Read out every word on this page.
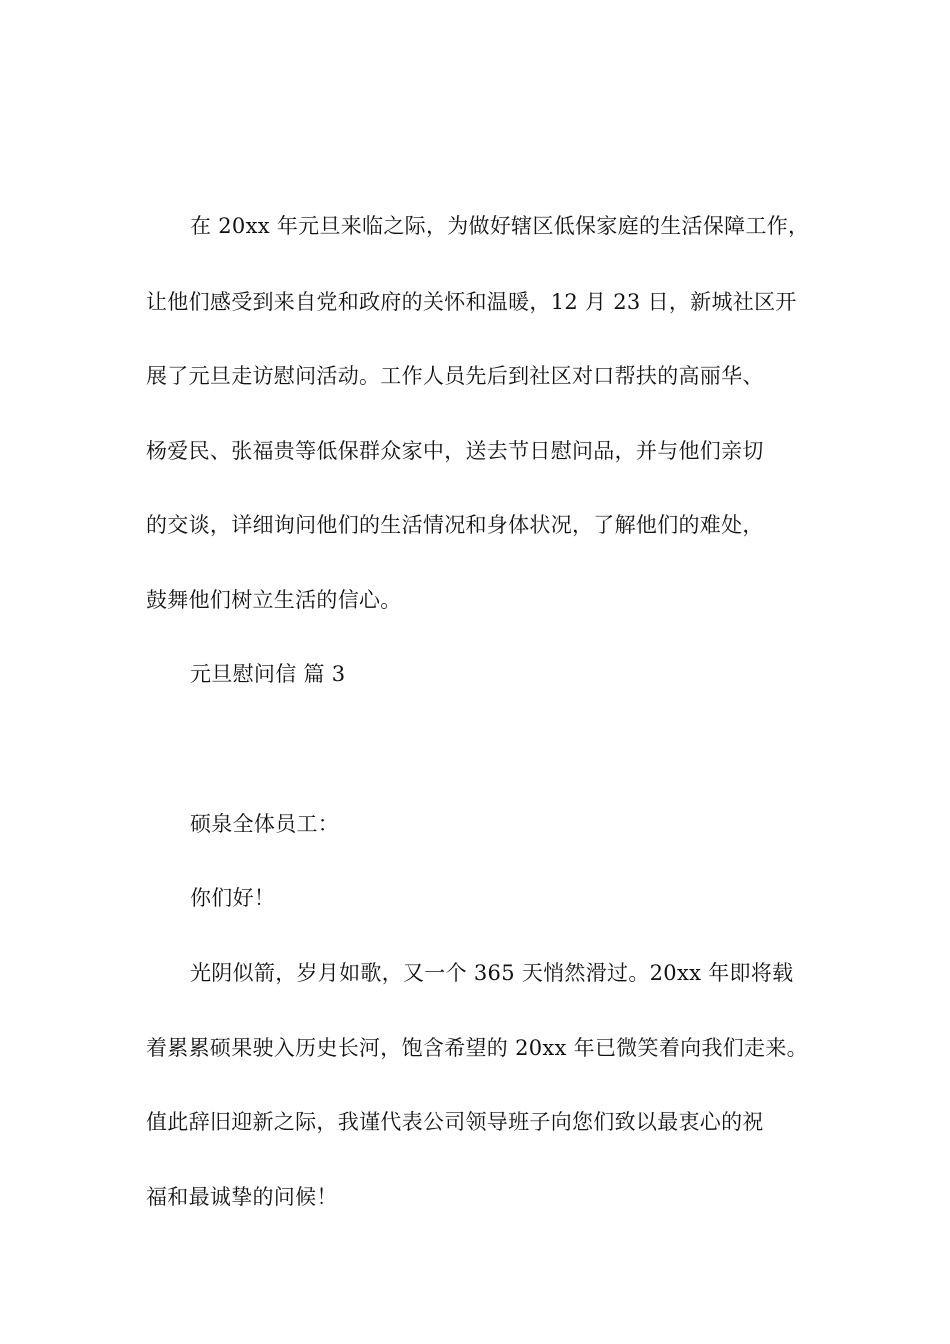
在 20xx 年元旦来临之际，为做好辖区低保家庭的生活保障工作，
让他们感受到来自党和政府的关怀和温暖，12 月 23 日，新城社区开
展了元旦走访慰问活动。工作人员先后到社区对口帮扶的高丽华、
杨爱民、张福贵等低保群众家中，送去节日慰问品，并与他们亲切
的交谈，详细询问他们的生活情况和身体状况，了解他们的难处，
鼓舞他们树立生活的信心。
元旦慰问信 篇 3
硕泉全体员工：
你们好！
光阴似箭，岁月如歌，又一个 365 天悄然滑过。20xx 年即将载
着累累硕果驶入历史长河，饱含希望的 20xx 年已微笑着向我们走来。
值此辞旧迎新之际，我谨代表公司领导班子向您们致以最衷心的祝
福和最诚挚的问候！
